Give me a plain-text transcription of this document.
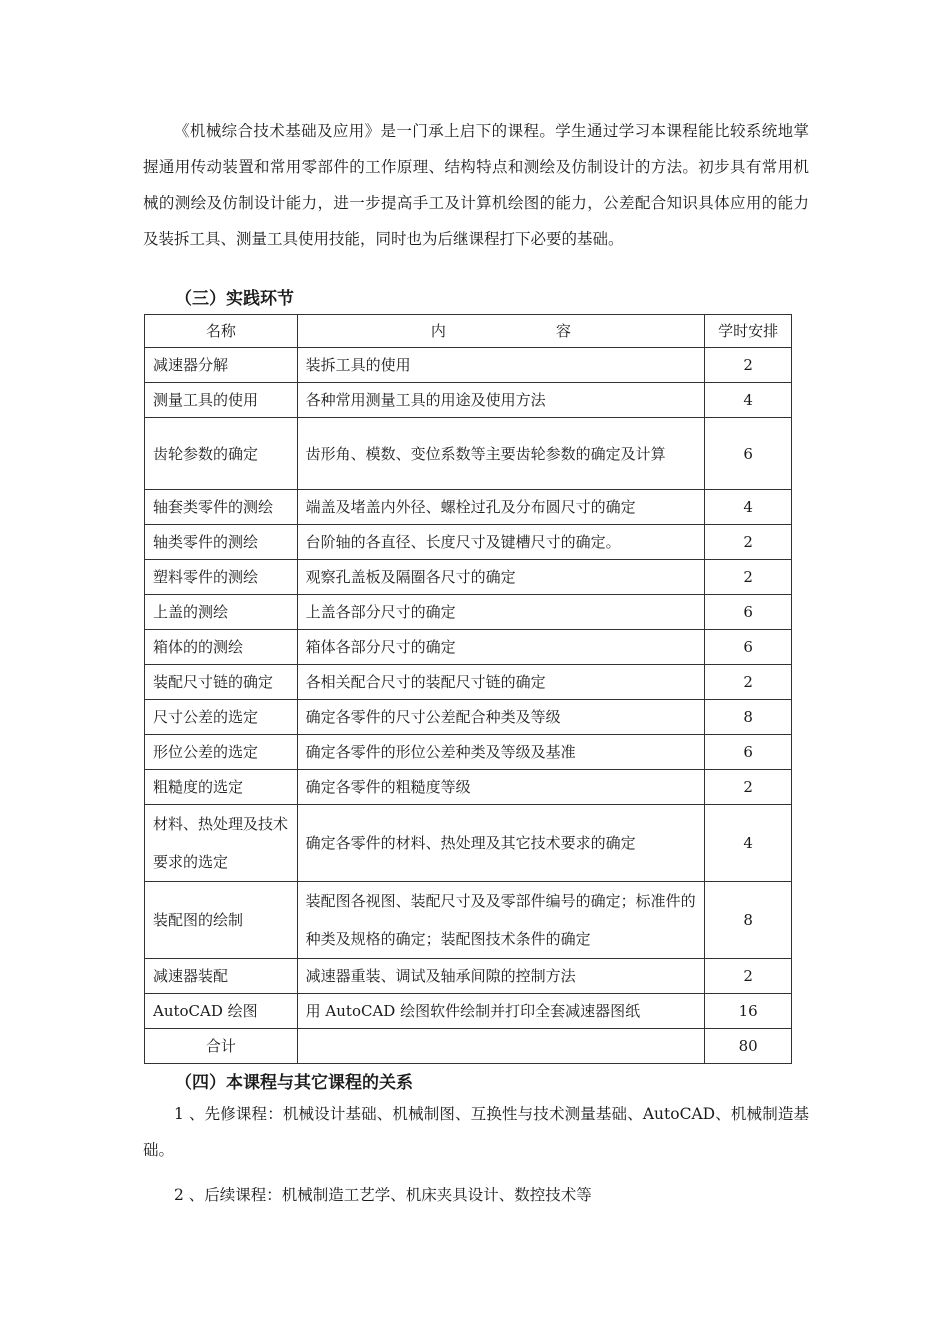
《机械综合技术基础及应用》是一门承上启下的课程。学生通过学习本课程能比较系统地掌握通用传动装置和常用零部件的工作原理、结构特点和测绘及仿制设计的方法。初步具有常用机械的测绘及仿制设计能力，进一步提高手工及计算机绘图的能力，公差配合知识具体应用的能力及装拆工具、测量工具使用技能，同时也为后继课程打下必要的基础。

（三）实践环节

名称	内 容	学时安排
减速器分解	装拆工具的使用	2
测量工具的使用	各种常用测量工具的用途及使用方法	4
齿轮参数的确定	齿形角、模数、变位系数等主要齿轮参数的确定及计算	6
轴套类零件的测绘	端盖及堵盖内外径、螺栓过孔及分布圆尺寸的确定	4
轴类零件的测绘	台阶轴的各直径、长度尺寸及键槽尺寸的确定。	2
塑料零件的测绘	观察孔盖板及隔圈各尺寸的确定	2
上盖的测绘	上盖各部分尺寸的确定	6
箱体的的测绘	箱体各部分尺寸的确定	6
装配尺寸链的确定	各相关配合尺寸的装配尺寸链的确定	2
尺寸公差的选定	确定各零件的尺寸公差配合种类及等级	8
形位公差的选定	确定各零件的形位公差种类及等级及基准	6
粗糙度的选定	确定各零件的粗糙度等级	2
材料、热处理及技术要求的选定	确定各零件的材料、热处理及其它技术要求的确定	4
装配图的绘制	装配图各视图、装配尺寸及及零部件编号的确定；标准件的种类及规格的确定；装配图技术条件的确定	8
减速器装配	减速器重装、调试及轴承间隙的控制方法	2
AutoCAD 绘图	用 AutoCAD 绘图软件绘制并打印全套减速器图纸	16
合计		80

（四）本课程与其它课程的关系

1 、先修课程：机械设计基础、机械制图、互换性与技术测量基础、AutoCAD、机械制造基础。

2 、后续课程：机械制造工艺学、机床夹具设计、数控技术等
